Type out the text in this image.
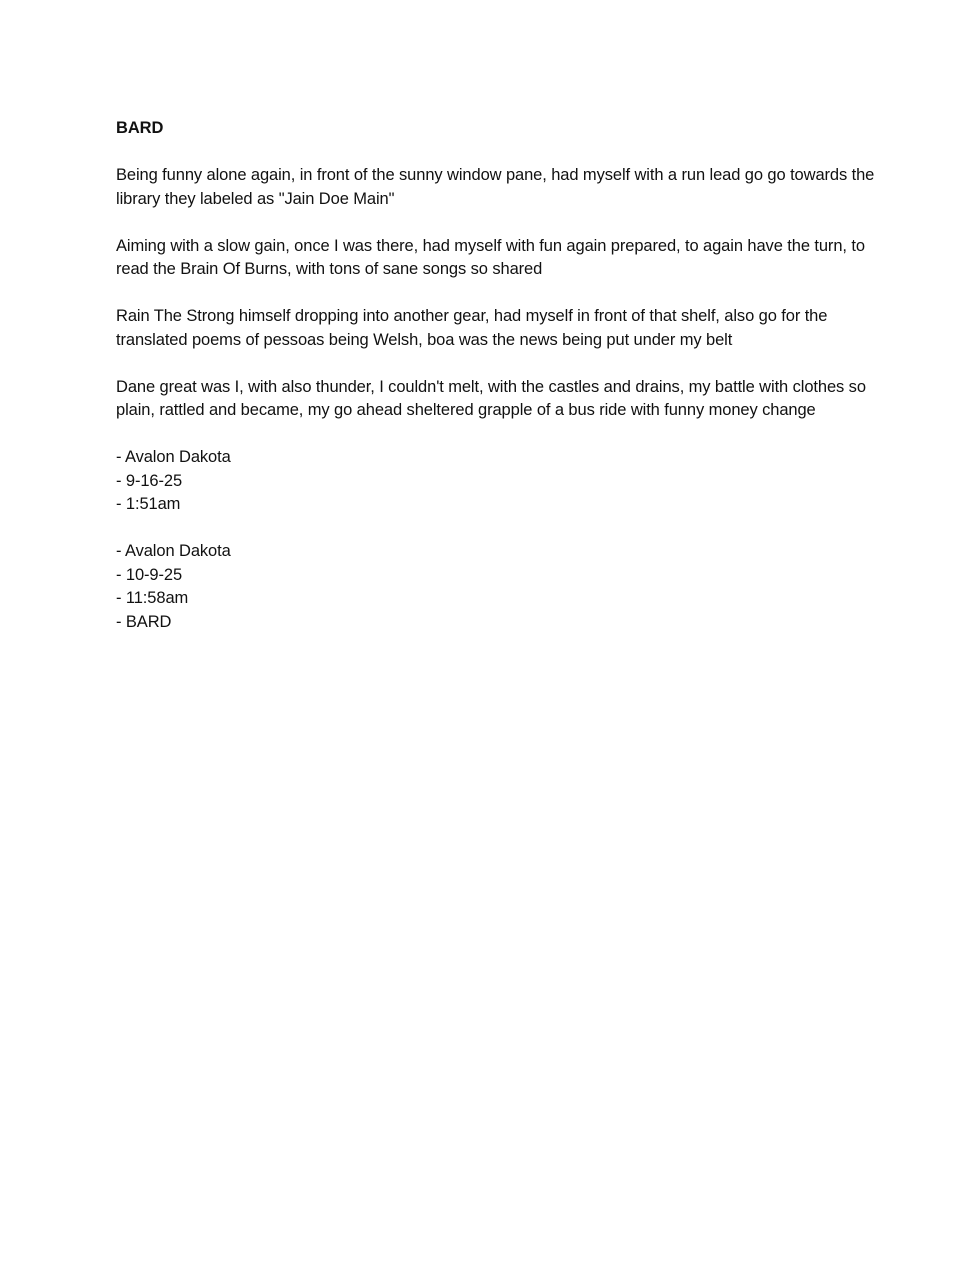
BARD
Being funny alone again, in front of the sunny window pane, had myself with a run lead go go towards the library they labeled as "Jain Doe Main"
Aiming with a slow gain, once I was there, had myself with fun again prepared, to again have the turn, to read the Brain Of Burns, with tons of sane songs so shared
Rain The Strong himself dropping into another gear, had myself in front of that shelf, also go for the translated poems of pessoas being Welsh, boa was the news being put under my belt
Dane great was I, with also thunder, I couldn't melt, with the castles and drains, my battle with clothes so plain, rattled and became, my go ahead sheltered grapple of a bus ride with funny money change
- Avalon Dakota
- 9-16-25
- 1:51am
- Avalon Dakota
- 10-9-25
- 11:58am
- BARD
